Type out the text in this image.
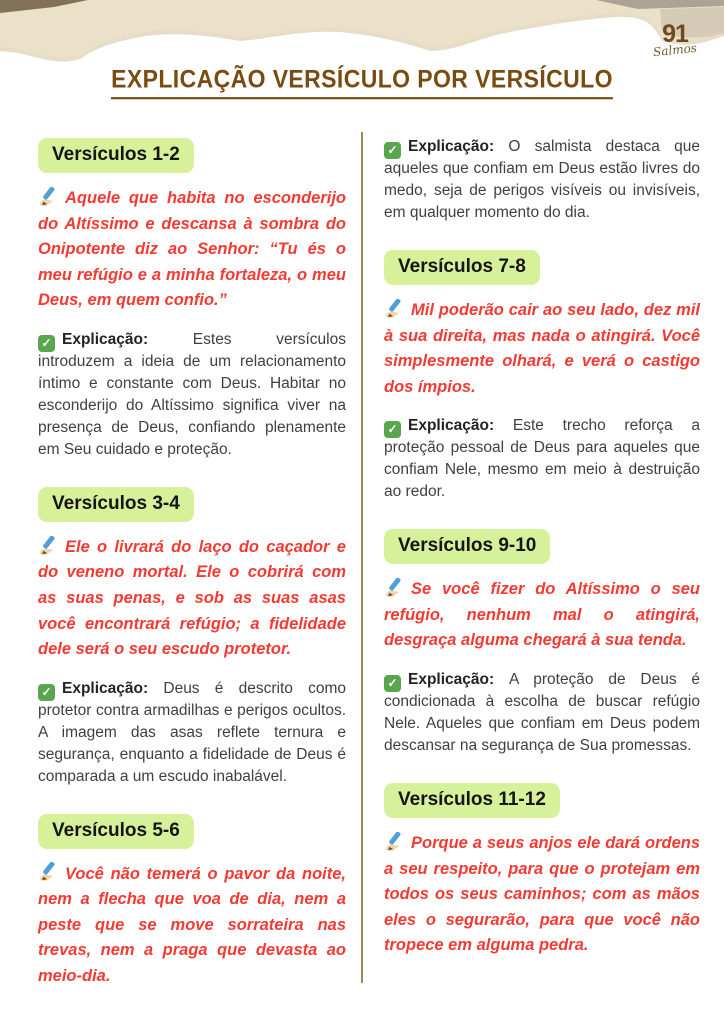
91
Salmos
EXPLICAÇÃO VERSÍCULO POR VERSÍCULO
Versículos 1-2

Aquele que habita no esconderijo do Altíssimo e descansa à sombra do Onipotente diz ao Senhor: “Tu és o meu refúgio e a minha fortaleza, o meu Deus, em quem confio.”

✓ Explicação: Estes versículos introduzem a ideia de um relacionamento íntimo e constante com Deus. Habitar no esconderijo do Altíssimo significa viver na presença de Deus, confiando plenamente em Seu cuidado e proteção.

Versículos 3-4

Ele o livrará do laço do caçador e do veneno mortal. Ele o cobrirá com as suas penas, e sob as suas asas você encontrará refúgio; a fidelidade dele será o seu escudo protetor.

✓ Explicação: Deus é descrito como protetor contra armadilhas e perigos ocultos. A imagem das asas reflete ternura e segurança, enquanto a fidelidade de Deus é comparada a um escudo inabalável.

Versículos 5-6

Você não temerá o pavor da noite, nem a flecha que voa de dia, nem a peste que se move sorrateira nas trevas, nem a praga que devasta ao meio-dia.

✓ Explicação: O salmista destaca que aqueles que confiam em Deus estão livres do medo, seja de perigos visíveis ou invisíveis, em qualquer momento do dia.

Versículos 7-8

Mil poderão cair ao seu lado, dez mil à sua direita, mas nada o atingirá. Você simplesmente olhará, e verá o castigo dos ímpios.

✓ Explicação: Este trecho reforça a proteção pessoal de Deus para aqueles que confiam Nele, mesmo em meio à destruição ao redor.

Versículos 9-10

Se você fizer do Altíssimo o seu refúgio, nenhum mal o atingirá, desgraça alguma chegará à sua tenda.

✓ Explicação: A proteção de Deus é condicionada à escolha de buscar refúgio Nele. Aqueles que confiam em Deus podem descansar na segurança de Sua promessas.

Versículos 11-12

Porque a seus anjos ele dará ordens a seu respeito, para que o protejam em todos os seus caminhos; com as mãos eles o segurarão, para que você não tropece em alguma pedra.
